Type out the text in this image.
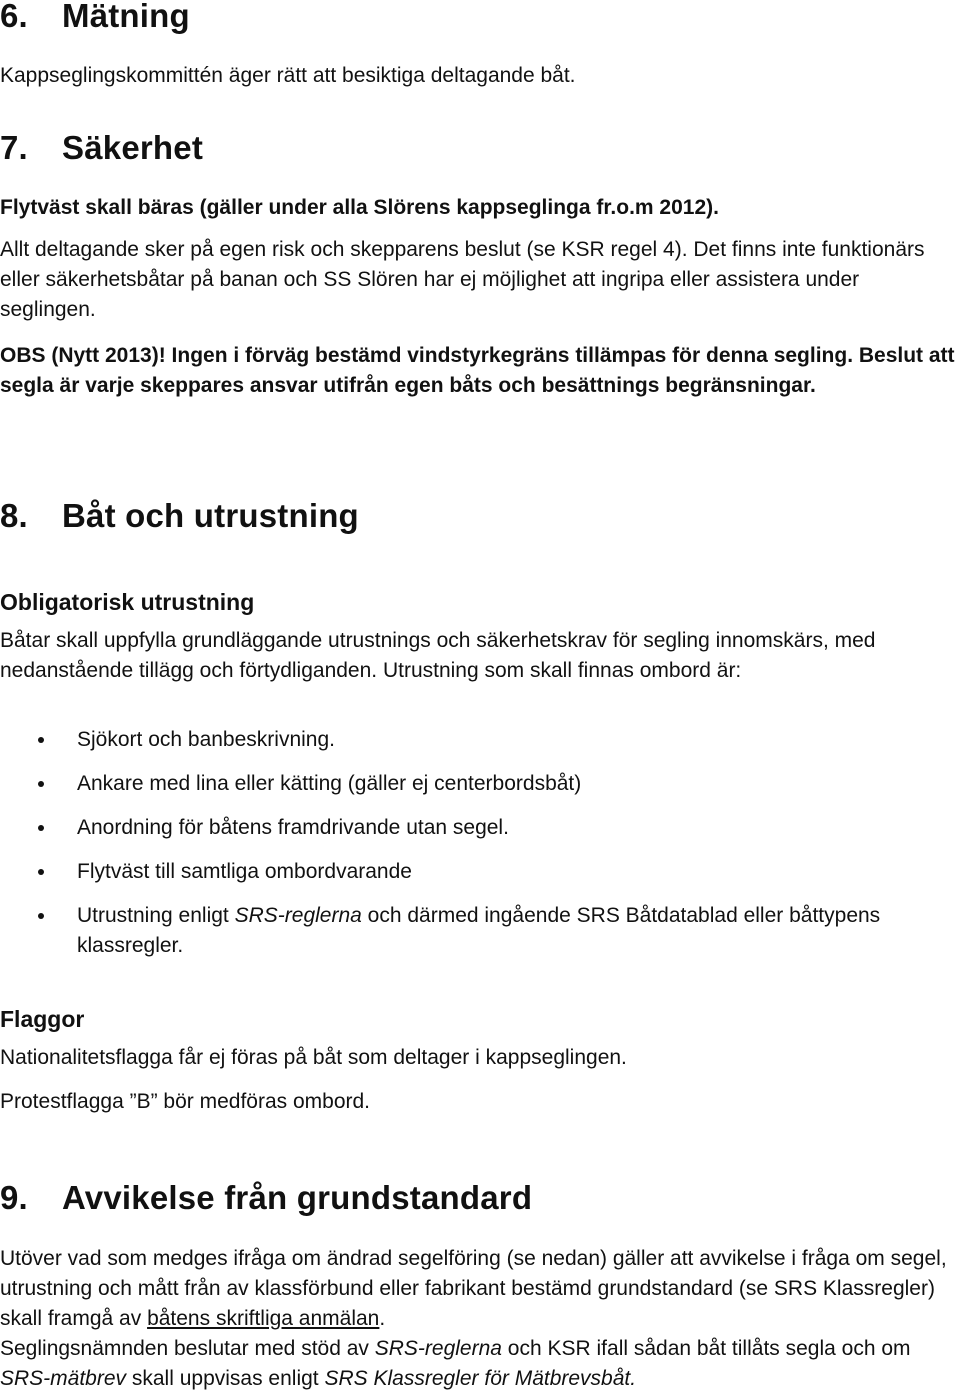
6. Mätning
Kappseglingskommittén äger rätt att besiktiga deltagande båt.
7. Säkerhet
Flytväst skall bäras (gäller under alla Slörens kappseglinga fr.o.m 2012).
Allt deltagande sker på egen risk och skepparens beslut (se KSR regel 4). Det finns inte funktionärs eller säkerhetsbåtar på banan och SS Slören har ej möjlighet att ingripa eller assistera under seglingen.
OBS (Nytt 2013)! Ingen i förväg bestämd vindstyrkegräns tillämpas för denna segling. Beslut att segla är varje skeppares ansvar utifrån egen båts och besättnings begränsningar.
8. Båt och utrustning
Obligatorisk utrustning
Båtar skall uppfylla grundläggande utrustnings och säkerhetskrav för segling innomskärs, med nedanstående tillägg och förtydliganden. Utrustning som skall finnas ombord är:
Sjökort och banbeskrivning.
Ankare med lina eller kätting (gäller ej centerbordsbåt)
Anordning för båtens framdrivande utan segel.
Flytväst till samtliga ombordvarande
Utrustning enligt SRS-reglerna och därmed ingående SRS Båtdatablad eller båttypens klassregler.
Flaggor
Nationalitetsflagga får ej föras på båt som deltager i kappseglingen.
Protestflagga ”B” bör medföras ombord.
9. Avvikelse från grundstandard
Utöver vad som medges ifråga om ändrad segelföring (se nedan) gäller att avvikelse i fråga om segel, utrustning och mått från av klassförbund eller fabrikant bestämd grundstandard (se SRS Klassregler) skall framgå av båtens skriftliga anmälan.
Seglingsnämnden beslutar med stöd av SRS-reglerna och KSR ifall sådan båt tillåts segla och om SRS-mätbrev skall uppvisas enligt SRS Klassregler för Mätbrevsbåt.
